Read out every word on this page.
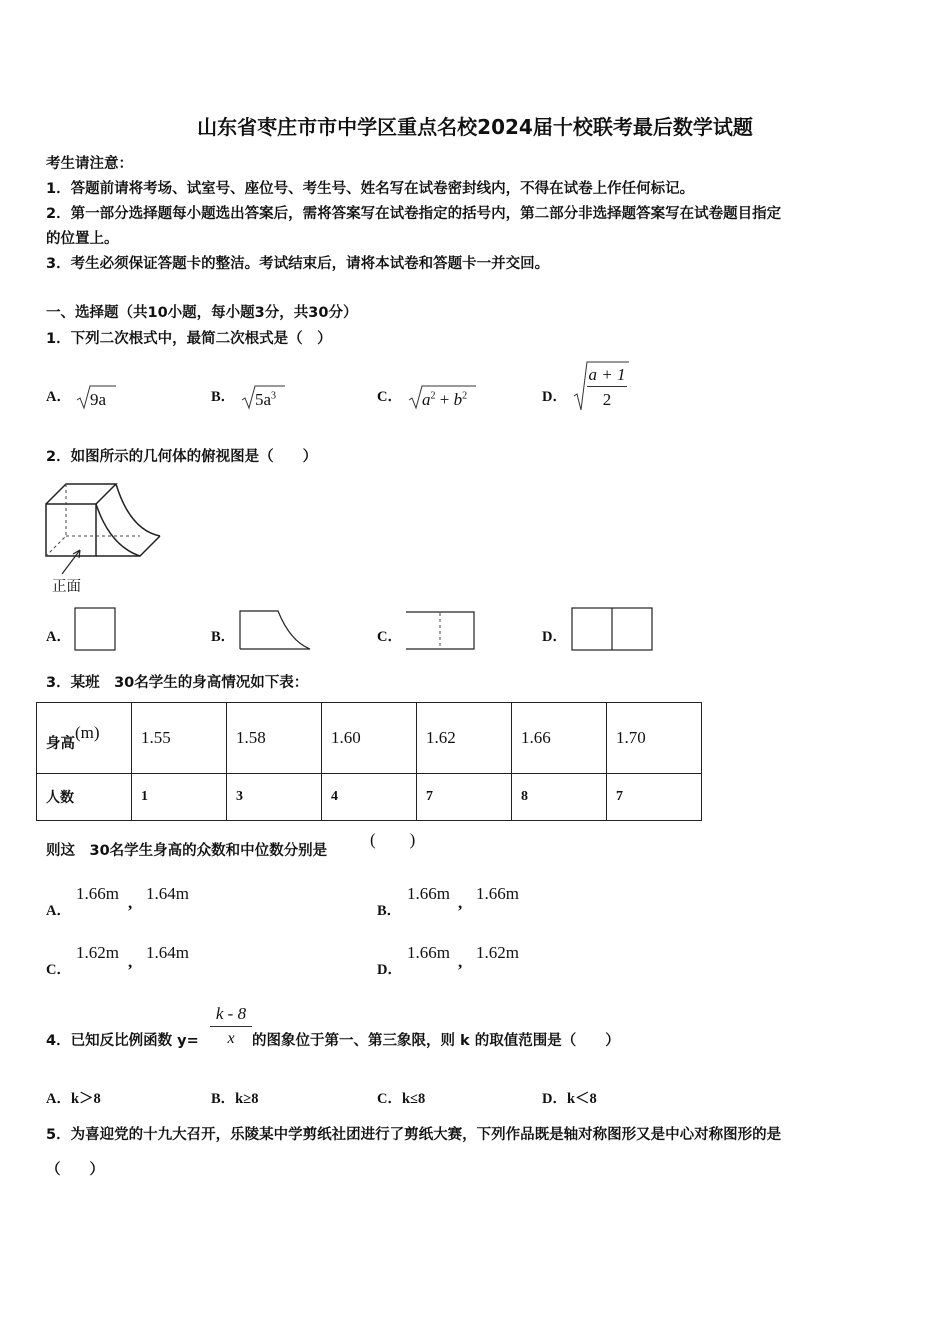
山东省枣庄市市中学区重点名校2024届十校联考最后数学试题
考生请注意：
1．答题前请将考场、试室号、座位号、考生号、姓名写在试卷密封线内，不得在试卷上作任何标记。
2．第一部分选择题每小题选出答案后，需将答案写在试卷指定的括号内，第二部分非选择题答案写在试卷题目指定
的位置上。
3．考生必须保证答题卡的整洁。考试结束后，请将本试卷和答题卡一并交回。
一、选择题（共10小题，每小题3分，共30分）
1．下列二次根式中，最简二次根式是（　）
A． 9a	B． $5a^3$	C． $a^2 + b^2$	D．
a + 1
2
2．如图所示的几何体的俯视图是（　　）
正面
A．	B．	C．	D．
3．某班　30名学生的身高情况如下表：
身高(m)	1.55	1.58	1.60	1.62	1.66	1.70
人数	1	3	4	7	8	7
则这　30名学生身高的众数和中位数分别是
(　　)
A．
1.66m , 1.64m
B．
1.66m , 1.66m
C．
1.62m , 1.64m
D．
1.66m , 1.62m
4．已知反比例函数 y=
k - 8
x	的图象位于第一、第三象限，则 k 的取值范围是（　　）
A．k＞8	B．k≥8	C．k≤8	D．k＜8
5．为喜迎党的十九大召开，乐陵某中学剪纸社团进行了剪纸大赛，下列作品既是轴对称图形又是中心对称图形的是
（　　）
